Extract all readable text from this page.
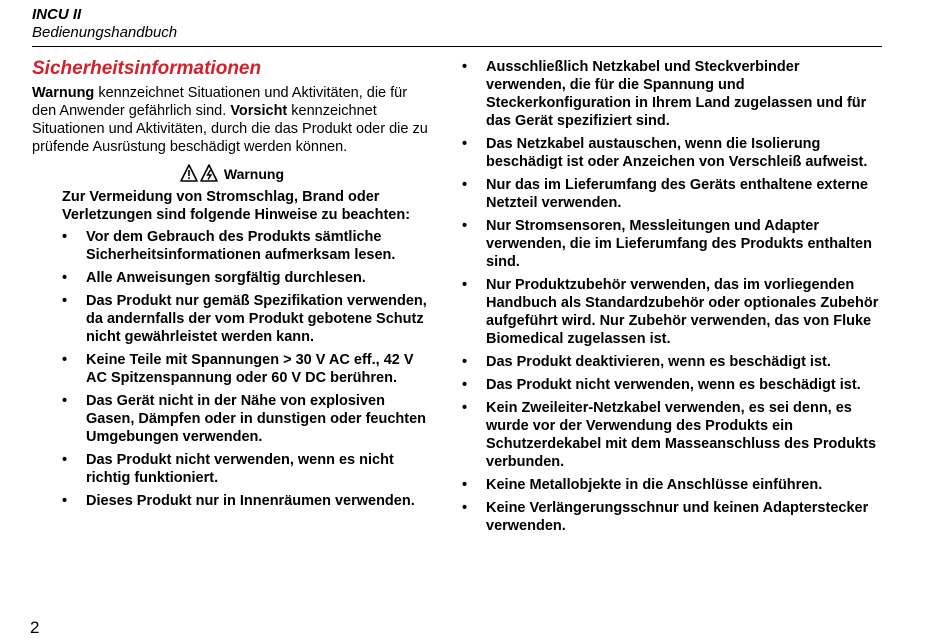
INCU II
Bedienungshandbuch
Sicherheitsinformationen

Warnung kennzeichnet Situationen und Aktivitäten, die für den Anwender gefährlich sind. Vorsicht kennzeichnet Situationen und Aktivitäten, durch die das Produkt oder die zu prüfende Ausrüstung beschädigt werden können.

Warnung

Zur Vermeidung von Stromschlag, Brand oder Verletzungen sind folgende Hinweise zu beachten:

• Vor dem Gebrauch des Produkts sämtliche Sicherheitsinformationen aufmerksam lesen.
• Alle Anweisungen sorgfältig durchlesen.
• Das Produkt nur gemäß Spezifikation verwenden, da andernfalls der vom Produkt gebotene Schutz nicht gewährleistet werden kann.
• Keine Teile mit Spannungen > 30 V AC eff., 42 V AC Spitzenspannung oder 60 V DC berühren.
• Das Gerät nicht in der Nähe von explosiven Gasen, Dämpfen oder in dunstigen oder feuchten Umgebungen verwenden.
• Das Produkt nicht verwenden, wenn es nicht richtig funktioniert.
• Dieses Produkt nur in Innenräumen verwenden.
• Ausschließlich Netzkabel und Steckverbinder verwenden, die für die Spannung und Steckerkonfiguration in Ihrem Land zugelassen und für das Gerät spezifiziert sind.
• Das Netzkabel austauschen, wenn die Isolierung beschädigt ist oder Anzeichen von Verschleiß aufweist.
• Nur das im Lieferumfang des Geräts enthaltene externe Netzteil verwenden.
• Nur Stromsensoren, Messleitungen und Adapter verwenden, die im Lieferumfang des Produkts enthalten sind.
• Nur Produktzubehör verwenden, das im vorliegenden Handbuch als Standardzubehör oder optionales Zubehör aufgeführt wird. Nur Zubehör verwenden, das von Fluke Biomedical zugelassen ist.
• Das Produkt deaktivieren, wenn es beschädigt ist.
• Das Produkt nicht verwenden, wenn es beschädigt ist.
• Kein Zweileiter-Netzkabel verwenden, es sei denn, es wurde vor der Verwendung des Produkts ein Schutzerdekabel mit dem Masseanschluss des Produkts verbunden.
• Keine Metallobjekte in die Anschlüsse einführen.
• Keine Verlängerungsschnur und keinen Adapterstecker verwenden.
2
